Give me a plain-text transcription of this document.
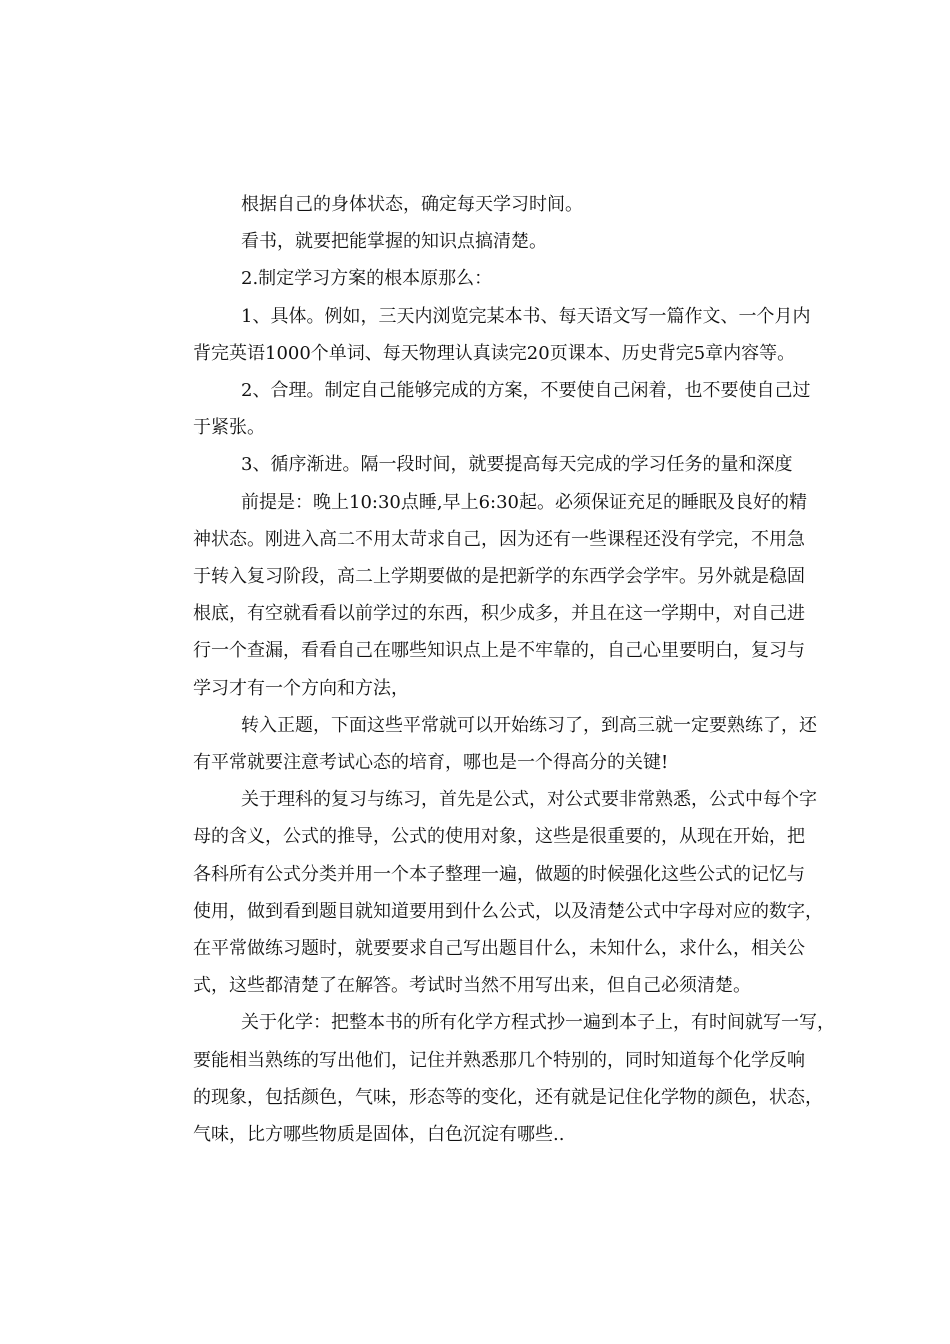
根据自己的身体状态，确定每天学习时间。
看书，就要把能掌握的知识点搞清楚。
2.制定学习方案的根本原那么：
1、具体。例如，三天内浏览完某本书、每天语文写一篇作文、一个月内
背完英语1000个单词、每天物理认真读完20页课本、历史背完5章内容等。
2、合理。制定自己能够完成的方案，不要使自己闲着，也不要使自己过
于紧张。
3、循序渐进。隔一段时间，就要提高每天完成的学习任务的量和深度
前提是：晚上10:30点睡,早上6:30起。必须保证充足的睡眠及良好的精
神状态。刚进入高二不用太苛求自己，因为还有一些课程还没有学完，不用急
于转入复习阶段，高二上学期要做的是把新学的东西学会学牢。另外就是稳固
根底，有空就看看以前学过的东西，积少成多，并且在这一学期中，对自己进
行一个查漏，看看自己在哪些知识点上是不牢靠的，自己心里要明白，复习与
学习才有一个方向和方法，
转入正题，下面这些平常就可以开始练习了，到高三就一定要熟练了，还
有平常就要注意考试心态的培育，哪也是一个得高分的关键!
关于理科的复习与练习，首先是公式，对公式要非常熟悉，公式中每个字
母的含义，公式的推导，公式的使用对象，这些是很重要的，从现在开始，把
各科所有公式分类并用一个本子整理一遍，做题的时候强化这些公式的记忆与
使用，做到看到题目就知道要用到什么公式，以及清楚公式中字母对应的数字，
在平常做练习题时，就要要求自己写出题目什么，未知什么，求什么，相关公
式，这些都清楚了在解答。考试时当然不用写出来，但自己必须清楚。
关于化学：把整本书的所有化学方程式抄一遍到本子上，有时间就写一写，
要能相当熟练的写出他们，记住并熟悉那几个特别的，同时知道每个化学反响
的现象，包括颜色，气味，形态等的变化，还有就是记住化学物的颜色，状态，
气味，比方哪些物质是固体，白色沉淀有哪些..
